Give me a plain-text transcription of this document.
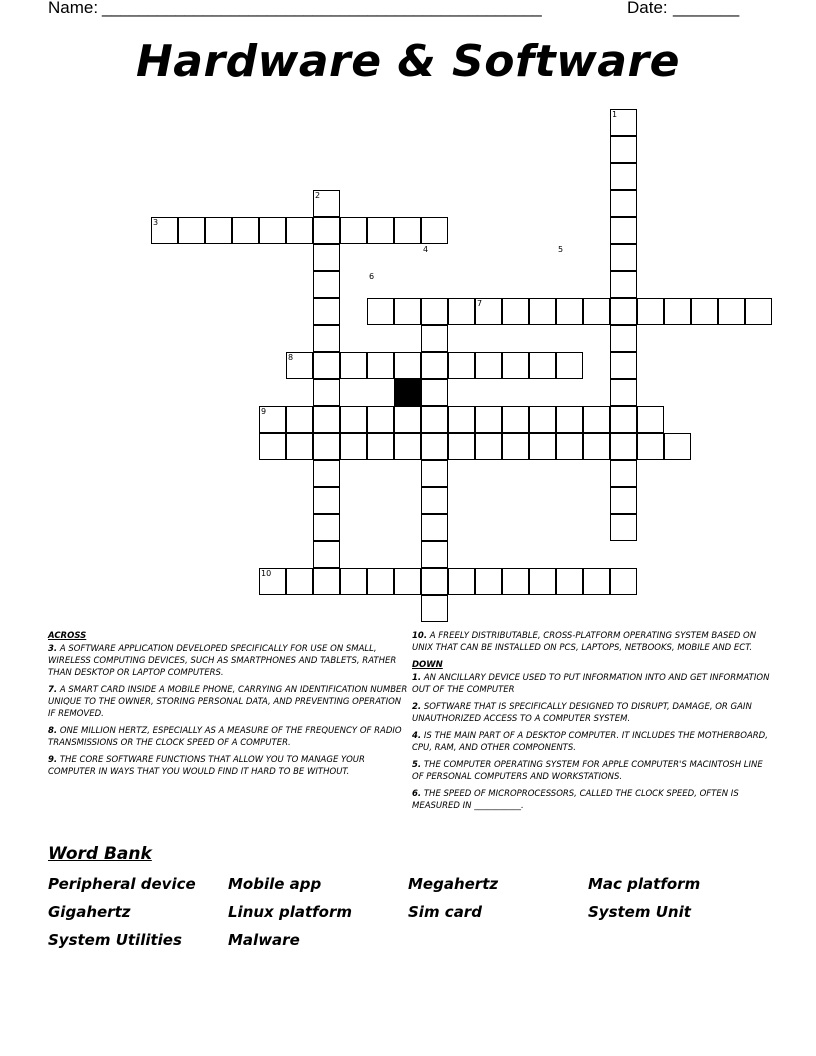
Name: ________________________________________________	Date: _______
Hardware & Software
1
2
3
4	5
6
7
8
9
10
ACROSS
3. A SOFTWARE APPLICATION DEVELOPED SPECIFICALLY FOR USE ON SMALL, WIRELESS COMPUTING DEVICES, SUCH AS SMARTPHONES AND TABLETS, RATHER THAN DESKTOP OR LAPTOP COMPUTERS.
7. A SMART CARD INSIDE A MOBILE PHONE, CARRYING AN IDENTIFICATION NUMBER UNIQUE TO THE OWNER, STORING PERSONAL DATA, AND PREVENTING OPERATION IF REMOVED.
8. ONE MILLION HERTZ, ESPECIALLY AS A MEASURE OF THE FREQUENCY OF RADIO TRANSMISSIONS OR THE CLOCK SPEED OF A COMPUTER.
9. THE CORE SOFTWARE FUNCTIONS THAT ALLOW YOU TO MANAGE YOUR COMPUTER IN WAYS THAT YOU WOULD FIND IT HARD TO BE WITHOUT.
10. A FREELY DISTRIBUTABLE, CROSS-PLATFORM OPERATING SYSTEM BASED ON UNIX THAT CAN BE INSTALLED ON PCS, LAPTOPS, NETBOOKS, MOBILE AND ECT.
DOWN
1. AN ANCILLARY DEVICE USED TO PUT INFORMATION INTO AND GET INFORMATION OUT OF THE COMPUTER
2. SOFTWARE THAT IS SPECIFICALLY DESIGNED TO DISRUPT, DAMAGE, OR GAIN UNAUTHORIZED ACCESS TO A COMPUTER SYSTEM.
4. IS THE MAIN PART OF A DESKTOP COMPUTER. IT INCLUDES THE MOTHERBOARD, CPU, RAM, AND OTHER COMPONENTS.
5. THE COMPUTER OPERATING SYSTEM FOR APPLE COMPUTER'S MACINTOSH LINE OF PERSONAL COMPUTERS AND WORKSTATIONS.
6. THE SPEED OF MICROPROCESSORS, CALLED THE CLOCK SPEED, OFTEN IS MEASURED IN ___________.
Word Bank
Peripheral device Mobile app	Megahertz	Mac platform
Gigahertz	Linux platform	Sim card	System Unit
System Utilities	Malware
